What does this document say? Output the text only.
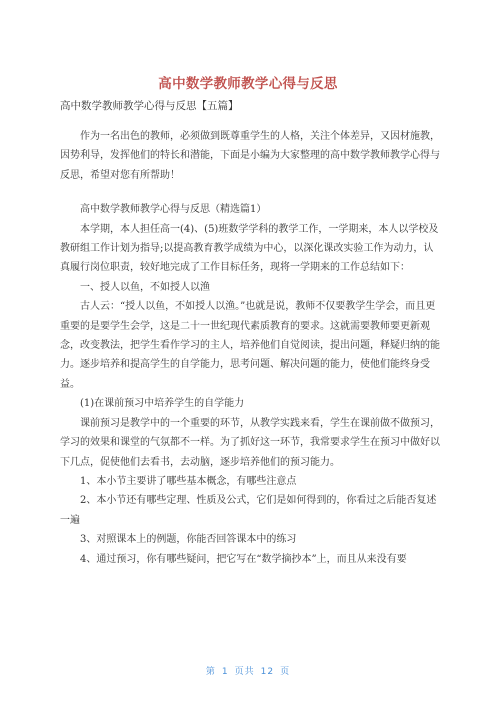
高中数学教师教学心得与反思
高中数学教师教学心得与反思【五篇】

作为一名出色的教师，必须做到既尊重学生的人格，关注个体差异，又因材施教，因势利导，发挥他们的特长和潜能，下面是小编为大家整理的高中数学教师教学心得与反思，希望对您有所帮助！

高中数学教师教学心得与反思（精选篇1）

本学期，本人担任高一(4)、(5)班数学学科的教学工作，一学期来，本人以学校及教研组工作计划为指导;以提高教育教学成绩为中心，以深化课改实验工作为动力，认真履行岗位职责，较好地完成了工作目标任务，现将一学期来的工作总结如下：

一、授人以鱼，不如授人以渔

古人云：“授人以鱼，不如授人以渔。”也就是说，教师不仅要教学生学会，而且更重要的是要学生会学，这是二十一世纪现代素质教育的要求。这就需要教师要更新观念，改变教法，把学生看作学习的主人，培养他们自觉阅读，提出问题，释疑归纳的能力。逐步培养和提高学生的自学能力，思考问题、解决问题的能力，使他们能终身受益。

(1)在课前预习中培养学生的自学能力

课前预习是教学中的一个重要的环节，从教学实践来看，学生在课前做不做预习，学习的效果和课堂的气氛都不一样。为了抓好这一环节，我常要求学生在预习中做好以下几点，促使他们去看书，去动脑，逐步培养他们的预习能力。

1、本小节主要讲了哪些基本概念，有哪些注意点

2、本小节还有哪些定理、性质及公式，它们是如何得到的，你看过之后能否复述一遍

3、对照课本上的例题，你能否回答课本中的练习

4、通过预习，你有哪些疑问，把它写在“数学摘抄本”上，而且从来没有要

第 1 页共 12 页
